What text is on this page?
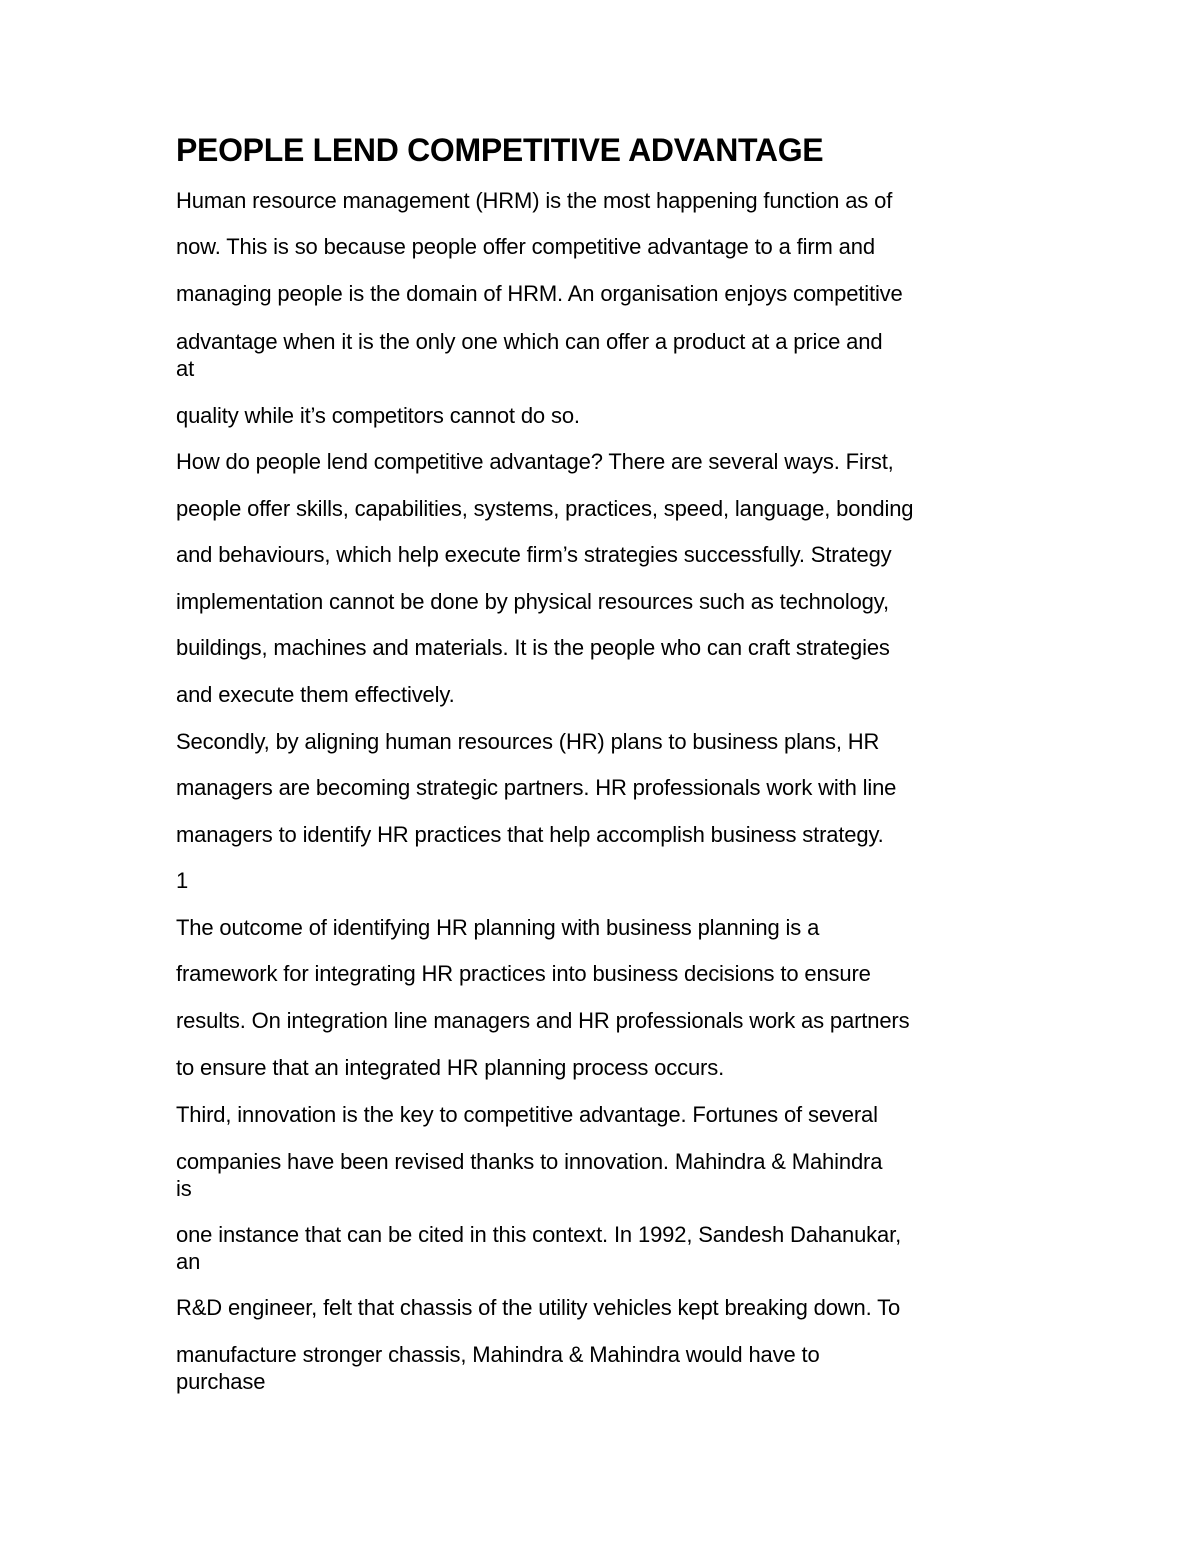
PEOPLE LEND COMPETITIVE ADVANTAGE
Human resource management (HRM) is the most happening function as of
now. This is so because people offer competitive advantage to a firm and
managing people is the domain of HRM. An organisation enjoys competitive
advantage when it is the only one which can offer a product at a price and
at
quality while it’s competitors cannot do so.
How do people lend competitive advantage? There are several ways. First,
people offer skills, capabilities, systems, practices, speed, language, bonding
and behaviours, which help execute firm’s strategies successfully. Strategy
implementation cannot be done by physical resources such as technology,
buildings, machines and materials. It is the people who can craft strategies
and execute them effectively.
Secondly, by aligning human resources (HR) plans to business plans, HR
managers are becoming strategic partners. HR professionals work with line
managers to identify HR practices that help accomplish business strategy.
1
The outcome of identifying HR planning with business planning is a
framework for integrating HR practices into business decisions to ensure
results. On integration line managers and HR professionals work as partners
to ensure that an integrated HR planning process occurs.
Third, innovation is the key to competitive advantage. Fortunes of several
companies have been revised thanks to innovation. Mahindra & Mahindra
is
one instance that can be cited in this context. In 1992, Sandesh Dahanukar,
an
R&D engineer, felt that chassis of the utility vehicles kept breaking down. To
manufacture stronger chassis, Mahindra & Mahindra would have to
purchase
